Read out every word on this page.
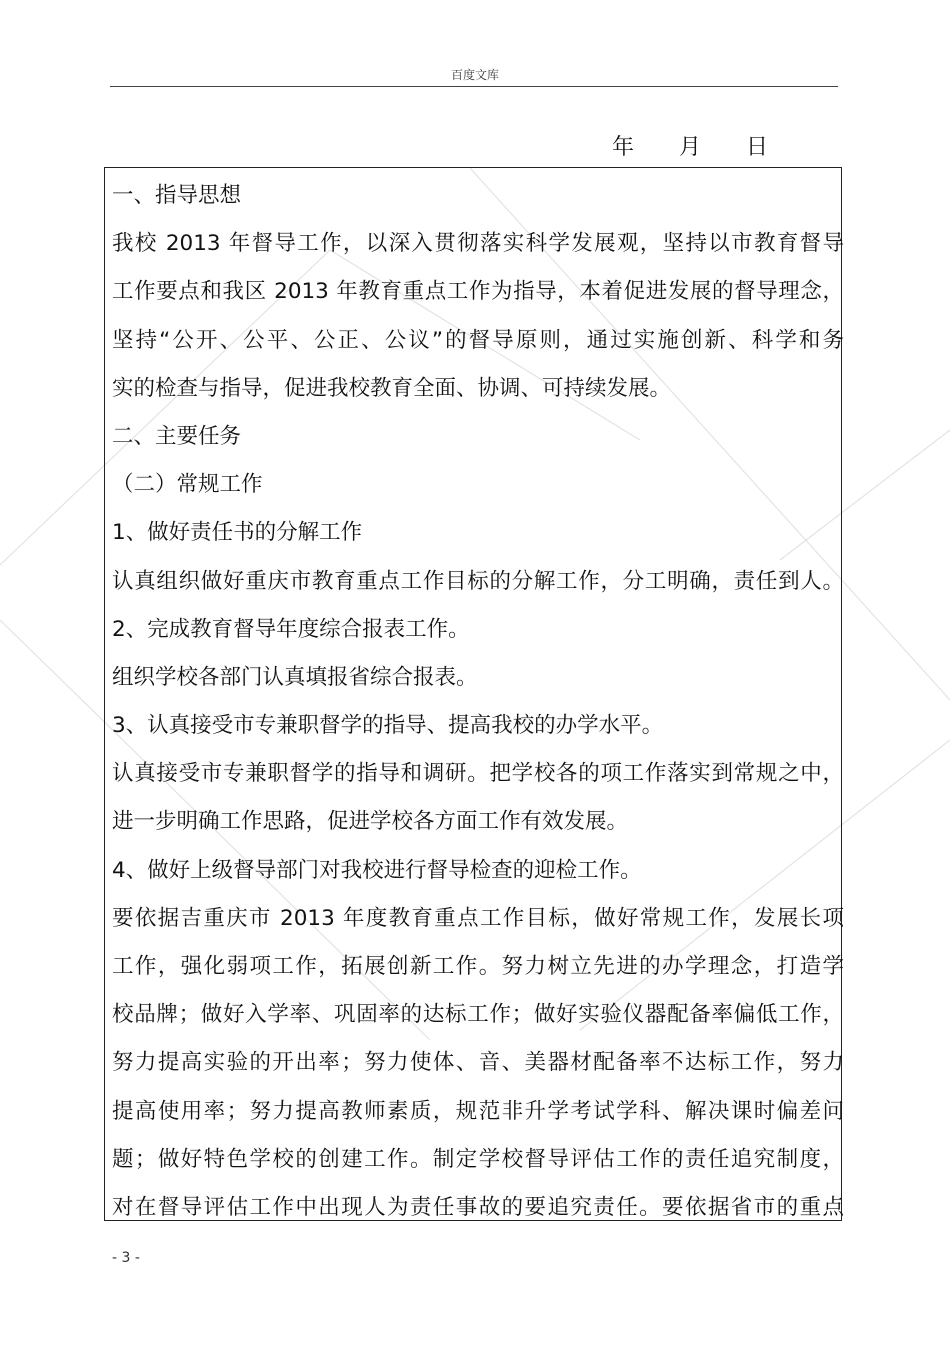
百度文库
年 月 日
一、指导思想
我校 2013 年督导工作，以深入贯彻落实科学发展观，坚持以市教育督导
工作要点和我区 2013 年教育重点工作为指导，本着促进发展的督导理念，
坚持“公开、公平、公正、公议”的督导原则，通过实施创新、科学和务
实的检查与指导，促进我校教育全面、协调、可持续发展。
二、主要任务
（二）常规工作
1、做好责任书的分解工作
认真组织做好重庆市教育重点工作目标的分解工作，分工明确，责任到人。
2、完成教育督导年度综合报表工作。
组织学校各部门认真填报省综合报表。
3、认真接受市专兼职督学的指导、提高我校的办学水平。
认真接受市专兼职督学的指导和调研。把学校各的项工作落实到常规之中，
进一步明确工作思路，促进学校各方面工作有效发展。
4、做好上级督导部门对我校进行督导检查的迎检工作。
要依据吉重庆市 2013 年度教育重点工作目标，做好常规工作，发展长项
工作，强化弱项工作，拓展创新工作。努力树立先进的办学理念，打造学
校品牌；做好入学率、巩固率的达标工作；做好实验仪器配备率偏低工作，
努力提高实验的开出率；努力使体、音、美器材配备率不达标工作，努力
提高使用率；努力提高教师素质，规范非升学考试学科、解决课时偏差问
题；做好特色学校的创建工作。制定学校督导评估工作的责任追究制度，
对在督导评估工作中出现人为责任事故的要追究责任。要依据省市的重点
- 3 -
